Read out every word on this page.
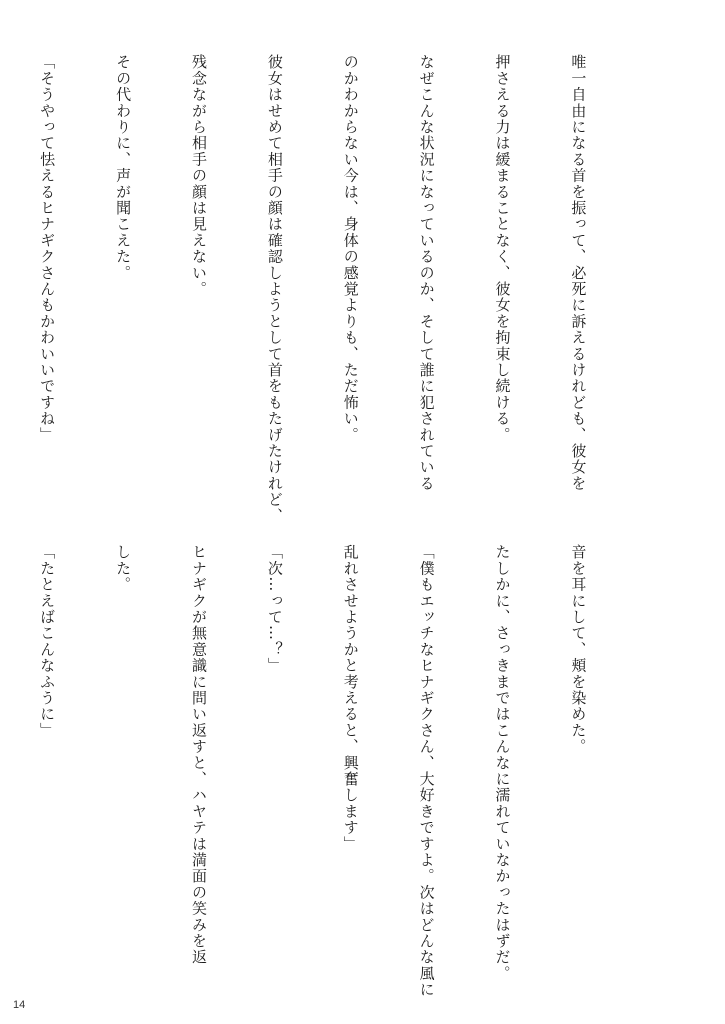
唯一自由になる首を振って、必死に訴えるけれども、彼女を

押さえる力は緩まることなく、彼女を拘束し続ける。

なぜこんな状況になっているのか、そして誰に犯されている

のかわからない今は、身体の感覚よりも、ただ怖い。

彼女はせめて相手の顔は確認しようとして首をもたげたけれど、

残念ながら相手の顔は見えない。

その代わりに、声が聞こえた。

「そうやって怯えるヒナギクさんもかわいいですね」

音を耳にして、頬を染めた。

たしかに、さっきまではこんなに濡れていなかったはずだ。

「僕もエッチなヒナギクさん、大好きですよ。次はどんな風に

乱れさせようかと考えると、興奮します」

「次…って…？」

ヒナギクが無意識に問い返すと、ハヤテは満面の笑みを返

した。

「たとえばこんなふうに」

14
